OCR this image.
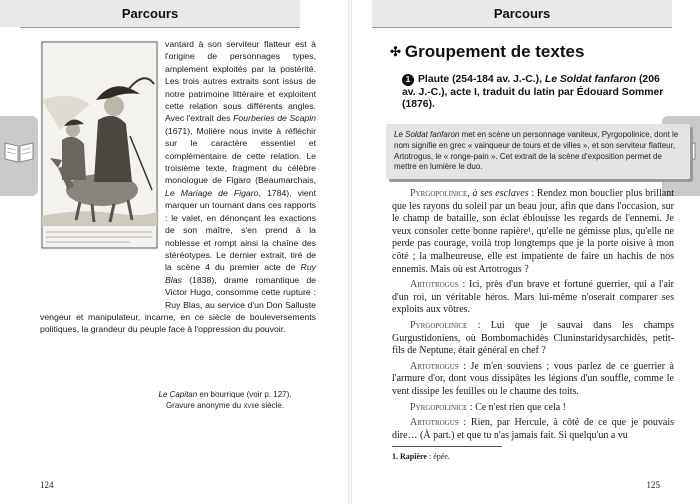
Parcours

vantard à son serviteur flatteur est à l'origine de personnages types, amplement exploités par la postérité. Les trois autres extraits sont issus de notre patrimoine littéraire et exploitent cette relation sous différents angles. Avec l'extrait des Fourberies de Scapin (1671), Molière nous invite à réfléchir sur le caractère essentiel et complémentaire de cette relation. Le troisième texte, fragment du célèbre monologue de Figaro (Beaumarchais, Le Mariage de Figaro, 1784), vient marquer un tournant dans ces rapports : le valet, en dénonçant les exactions de son maître, s'en prend à la noblesse et rompt ainsi la chaîne des stéréotypes. Le dernier extrait, tiré de la scène 4 du premier acte de Ruy Blas (1838), drame romantique de Victor Hugo, consomme cette rupture : Ruy Blas, au service d'un Don Salluste vengeur et manipulateur, incarne, en ce siècle de bouleversements politiques, la grandeur du peuple face à l'oppression du pouvoir.

Le Capitan en bourrique (voir p. 127).

Gravure anonyme du xviie siècle.

124
Parcours
✣ Groupement de textes

1 Plaute (254-184 av. J.-C.), Le Soldat fanfaron (206 av. J.-C.), acte I, traduit du latin par Édouard Sommer (1876).

Le Soldat fanfaron met en scène un personnage vaniteux, Pyrgopolinice, dont le nom signifie en grec « vainqueur de tours et de villes », et son serviteur flatteur, Artotrogus, le « ronge-pain ». Cet extrait de la scène d'exposition permet de mettre en lumière le duo.

Pyrgopolinice, à ses esclaves : Rendez mon bouclier plus brillant que les rayons du soleil par un beau jour, afin que dans l'occasion, sur le champ de bataille, son éclat éblouisse les regards de l'ennemi. Je veux consoler cette bonne rapière¹, qu'elle ne gémisse plus, qu'elle ne perde pas courage, voilà trop longtemps que je la porte oisive à mon côté ; la malheureuse, elle est impatiente de faire un hachis de nos ennemis. Mais où est Artotrogus ?

Artotrogus : Ici, près d'un brave et fortuné guerrier, qui a l'air d'un roi, un véritable héros. Mars lui-même n'oserait comparer ses exploits aux vôtres.

Pyrgopolinice : Lui que je sauvai dans les champs Gurgustidoniens, où Bombomachidès Cluninstaridysarchidès, petit-fils de Neptune, était général en chef ?

Artotrogus : Je m'en souviens ; vous parlez de ce guerrier à l'armure d'or, dont vous dissipâtes les légions d'un souffle, comme le vent dissipe les feuilles ou le chaume des toits.

Pyrgopolinice : Ce n'est rien que cela !

Artotrogus : Rien, par Hercule, à côté de ce que je pouvais dire… (À part.) et que tu n'as jamais fait. Si quelqu'un a vu

1. Rapière : épée.
125
